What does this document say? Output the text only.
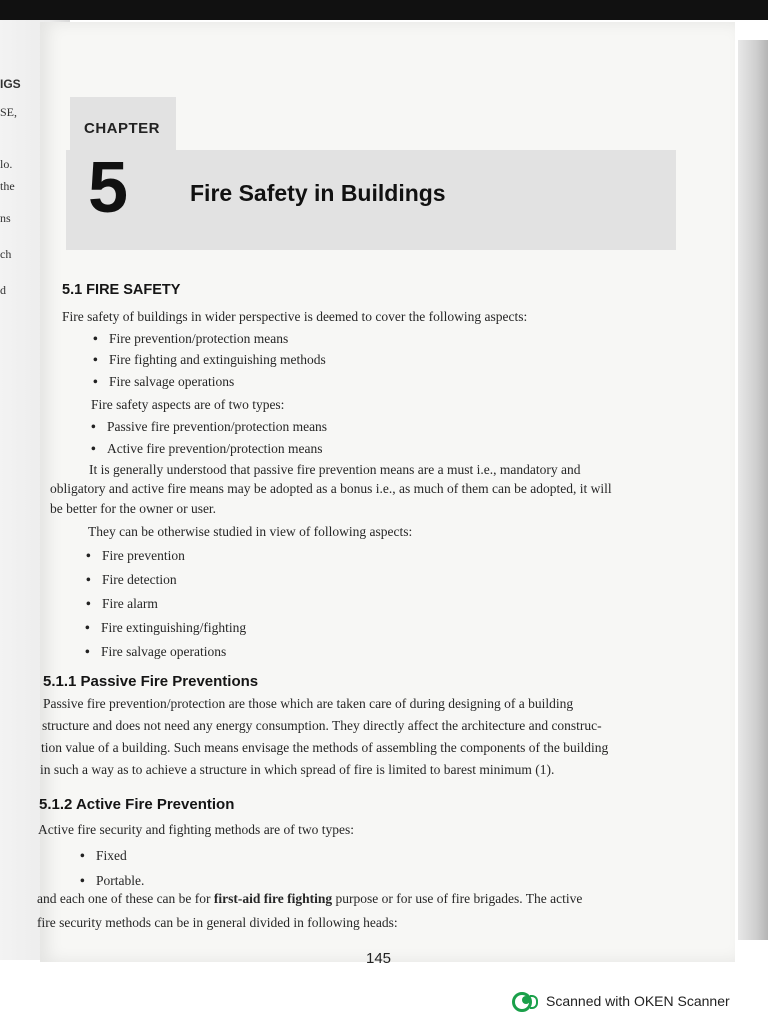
IGS
SE,
lo.
the
ns
ch
d
CHAPTER
5	Fire Safety in Buildings
5.1 FIRE SAFETY
Fire safety of buildings in wider perspective is deemed to cover the following aspects:
• Fire prevention/protection means
• Fire fighting and extinguishing methods
• Fire salvage operations
Fire safety aspects are of two types:
• Passive fire prevention/protection means
• Active fire prevention/protection means
It is generally understood that passive fire prevention means are a must i.e., mandatory and
obligatory and active fire means may be adopted as a bonus i.e., as much of them can be adopted, it will
be better for the owner or user.
They can be otherwise studied in view of following aspects:
• Fire prevention
• Fire detection
• Fire alarm
• Fire extinguishing/fighting
• Fire salvage operations
5.1.1 Passive Fire Preventions
Passive fire prevention/protection are those which are taken care of during designing of a building
structure and does not need any energy consumption. They directly affect the architecture and construc-
tion value of a building. Such means envisage the methods of assembling the components of the building
in such a way as to achieve a structure in which spread of fire is limited to barest minimum (1).
5.1.2 Active Fire Prevention
Active fire security and fighting methods are of two types:
• Fixed
• Portable.
and each one of these can be for first-aid fire fighting purpose or for use of fire brigades. The active
fire security methods can be in general divided in following heads:
145
Scanned with OKEN Scanner
